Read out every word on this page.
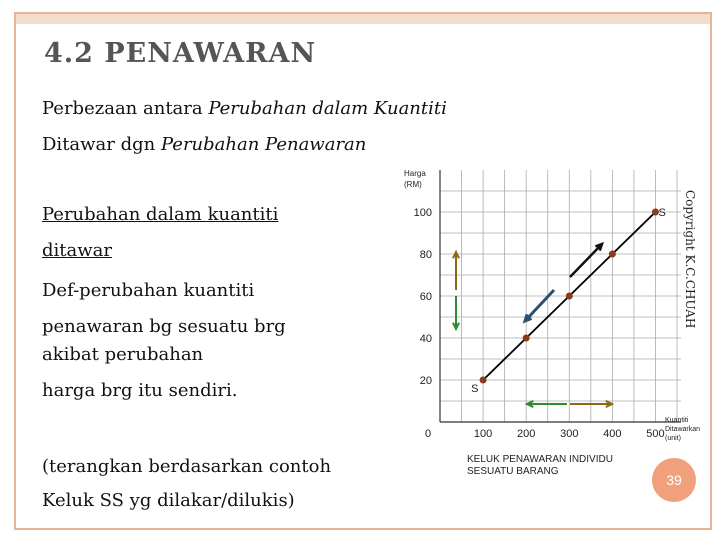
4.2 PENAWARAN
Perbezaan antara Perubahan dalam Kuantiti
Ditawar dgn Perubahan Penawaran
Perubahan dalam kuantiti
ditawar
Def-perubahan kuantiti
penawaran bg sesuatu brg
akibat perubahan
harga brg itu sendiri.
(terangkan berdasarkan contoh
Keluk SS yg dilakar/dilukis)
20
40
60
80
100
100 200 300 400 500
0
Harga
(RM)
Kuantiti
Ditawarkan
(unit)
KELUK PENAWARAN INDIVIDU
SESUATU BARANG
S
S
Copyright K.C.CHUAH
39
